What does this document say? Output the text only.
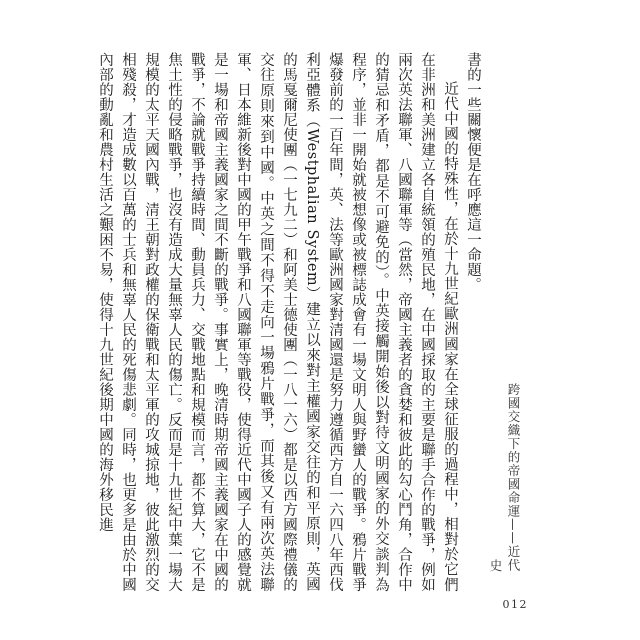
書的一些關懷便是在呼應這一命題。

近代中國的特殊性，在於十九世紀歐洲國家在全球征服的過程中，相對於它們在非洲和美洲建立各自統領的殖民地，在中國採取的主要是聯手合作的戰爭，例如兩次英法聯軍、八國聯軍等（當然，帝國主義者的貪婪和彼此的勾心鬥角，合作中的猜忌和矛盾，都是不可避免的）。中英接觸開始後以對待文明國家的外交談判為程序，並非一開始就被想像或被標誌成會有一場文明人與野蠻人的戰爭。鴉片戰爭爆發前的一百年間，英、法等歐洲國家對清國還是努力遵循西方自一六四八年西伐利亞體系（Westphalian System）建立以來對主權國家交往的和平原則，英國的馬戛爾尼使團（一七九二）和阿美士德使團（一八一六）都是以西方國際禮儀的交往原則來到中國。中英之間不得不走向一場鴉片戰爭，而其後又有兩次英法聯軍、日本維新後對中國的甲午戰爭和八國聯軍等戰役，使得近代中國子人的感覺就是一場和帝國主義國家之間不斷的戰爭。事實上，晚清時期帝國主義國家在中國的戰爭，不論就戰爭持續時間、動員兵力、交戰地點和規模而言，都不算大，它不是焦土性的侵略戰爭，也沒有造成大量無辜人民的傷亡。反而是十九世紀中葉一場大規模的太平天國內戰，清王朝對政權的保衛戰和太平軍的攻城掠地，彼此激烈的交相殘殺，才造成數以百萬的士兵和無辜人民的死傷悲劇。同時，也更多是由於中國內部的動亂和農村生活之艱困不易，使得十九世紀後期中國的海外移民進	跨國交織下的帝國命運——近代史
012
